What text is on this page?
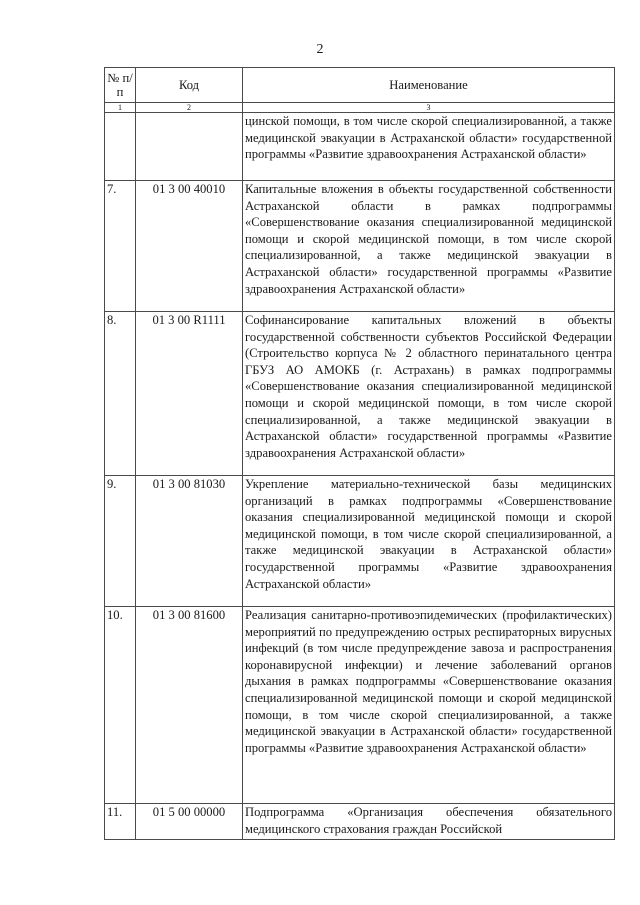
2
№ п/п	Код	Наименование
1	2	3
		цинской помощи, в том числе скорой специализированной, а также медицинской эвакуации в Астраханской области» государственной программы «Развитие здравоохранения Астраханской области»
7.	01 3 00 40010	Капитальные вложения в объекты государственной собственности Астраханской области в рамках подпрограммы «Совершенствование оказания специализированной медицинской помощи и скорой медицинской помощи, в том числе скорой специализированной, а также медицинской эвакуации в Астраханской области» государственной программы «Развитие здравоохранения Астраханской области»
8.	01 3 00 R1111	Софинансирование капитальных вложений в объекты государственной собственности субъектов Российской Федерации (Строительство корпуса № 2 областного перинатального центра ГБУЗ АО АМОКБ (г. Астрахань) в рамках подпрограммы «Совершенствование оказания специализированной медицинской помощи и скорой медицинской помощи, в том числе скорой специализированной, а также медицинской эвакуации в Астраханской области» государственной программы «Развитие здравоохранения Астраханской области»
9.	01 3 00 81030	Укрепление материально-технической базы медицинских организаций в рамках подпрограммы «Совершенствование оказания специализированной медицинской помощи и скорой медицинской помощи, в том числе скорой специализированной, а также медицинской эвакуации в Астраханской области» государственной программы «Развитие здравоохранения Астраханской области»
10.	01 3 00 81600	Реализация санитарно-противоэпидемических (профилактических) мероприятий по предупреждению острых респираторных вирусных инфекций (в том числе предупреждение завоза и распространения коронавирусной инфекции) и лечение заболеваний органов дыхания в рамках подпрограммы «Совершенствование оказания специализированной медицинской помощи и скорой медицинской помощи, в том числе скорой специализированной, а также медицинской эвакуации в Астраханской области» государственной программы «Развитие здравоохранения Астраханской области»
11.	01 5 00 00000	Подпрограмма «Организация обеспечения обязательного медицинского страхования граждан Российской
